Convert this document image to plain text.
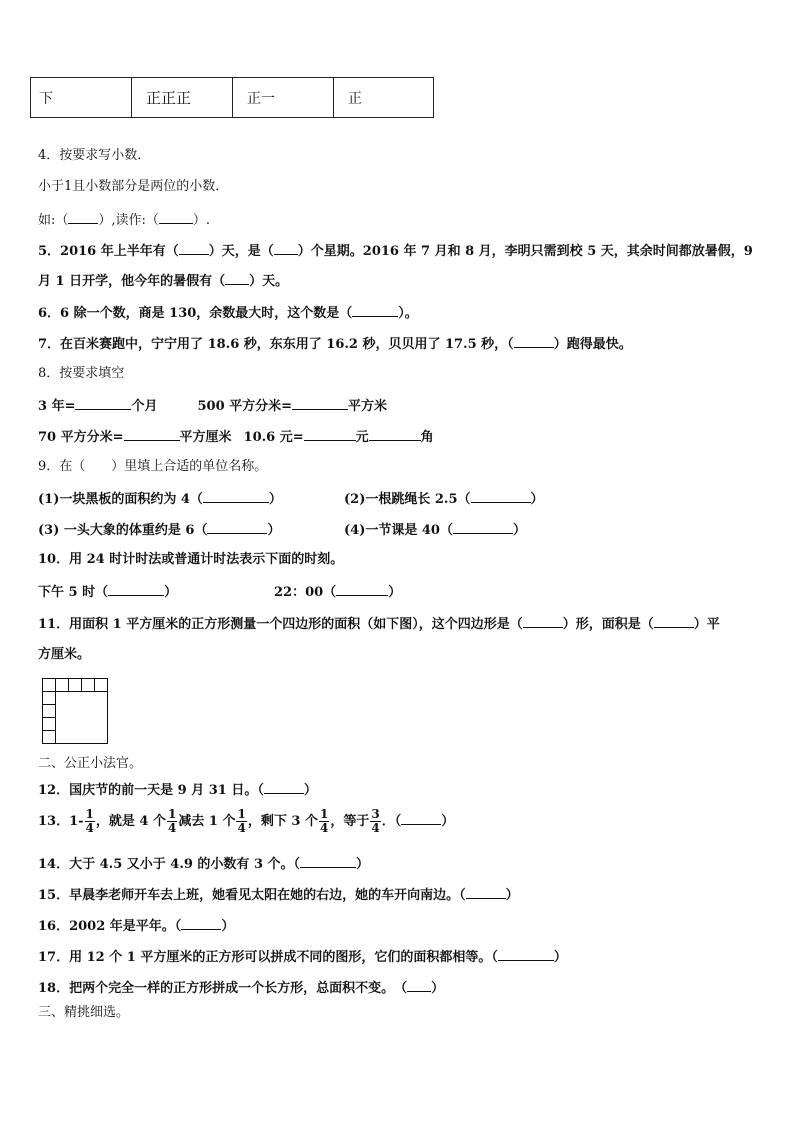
下	正正正	正一	正
4．按要求写小数．
小于1且小数部分是两位的小数．
如:（ ）,读作:（	）.
5．2016 年上半年有（ ）天，是（ ）个星期。2016 年 7 月和 8 月，李明只需到校 5 天，其余时间都放暑假，9
月 1 日开学，他今年的暑假有（ ）天。
6．6 除一个数，商是 130，余数最大时，这个数是（	）。
7．在百米赛跑中，宁宁用了 18.6 秒，东东用了 16.2 秒，贝贝用了 17.5 秒，（	）跑得最快。
8．按要求填空
3 年=	个月	500 平方分米=	平方米
70 平方分米=	平方厘米 10.6 元=	元	角
9．在（　　）里填上合适的单位名称。
(1)一块黑板的面积约为 4（	）	(2)一根跳绳长 2.5（	）
(3) 一头大象的体重约是 6（	）	(4)一节课是 40（	）
10．用 24 时计时法或普通计时法表示下面的时刻。
下午 5 时（	）	22：00（	）
11．用面积 1 平方厘米的正方形测量一个四边形的面积（如下图），这个四边形是（	）形，面积是（	）平
方厘米。
二、公正小法官。
12．国庆节的前一天是 9 月 31 日。（	）
13．$1- \frac{1}{4}$ ，就是 4 个 $\frac{1}{4}$ 减去 1 个 $\frac{1}{4}$ ，剩下 3 个 $\frac{1}{4}$ ，等于 $\frac{3}{4}$ ．（	）
14．大于 4.5 又小于 4.9 的小数有 3 个。（	）
15．早晨李老师开车去上班，她看见太阳在她的右边，她的车开向南边。（	）
16．2002 年是平年。（	）
17．用 12 个 1 平方厘米的正方形可以拼成不同的图形，它们的面积都相等。（	）
18．把两个完全一样的正方形拼成一个长方形，总面积不变。　（ ）
三、精挑细选。
